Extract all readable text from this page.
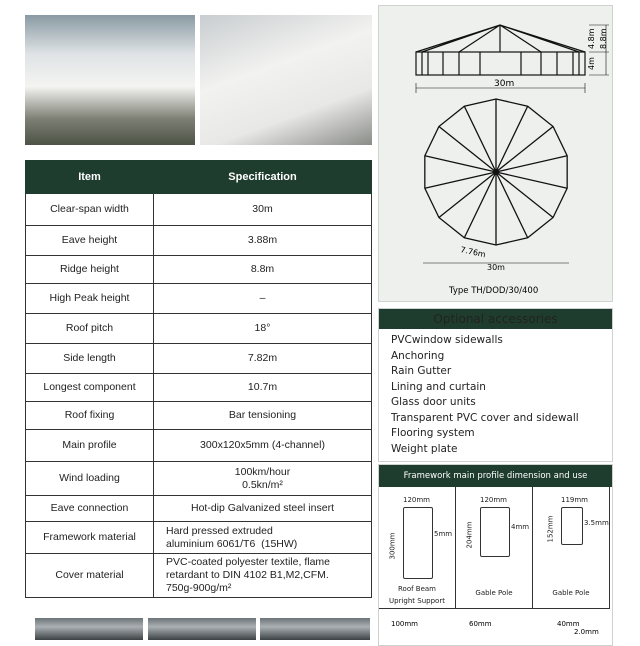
Item	Specification
Clear-span width	30m
Eave height	3.88m
Ridge height	8.8m
High Peak height	–
Roof pitch	18°
Side length	7.82m
Longest component	10.7m
Roof fixing	Bar tensioning
Main profile	300x120x5mm (4-channel)
Wind loading	100km/hour
0.5kn/m²
Eave connection	Hot-dip Galvanized steel insert
Framework material	Hard pressed extruded
aluminium 6061/T6  (15HW)
Cover material	PVC-coated polyester textile, flame
retardant to DIN 4102 B1,M2,CFM.
750g-900g/m²
30m
4.8m 8.8m
4m
7.76m
30m
Type TH/DOD/30/400
Optional accessories
PVCwindow sidewalls
Anchoring
Rain Gutter
Lining and curtain
Glass door units
Transparent PVC cover and sidewall
Flooring system
Weight plate
Framework main profile dimension and use
120mm
300mm	5mm
Roof Beam
Upright Support
120mm
204mm	4mm
Gable Pole
119mm
152mm	3.5mm
Gable Pole
100mm	60mm	40mm
2.0mm
